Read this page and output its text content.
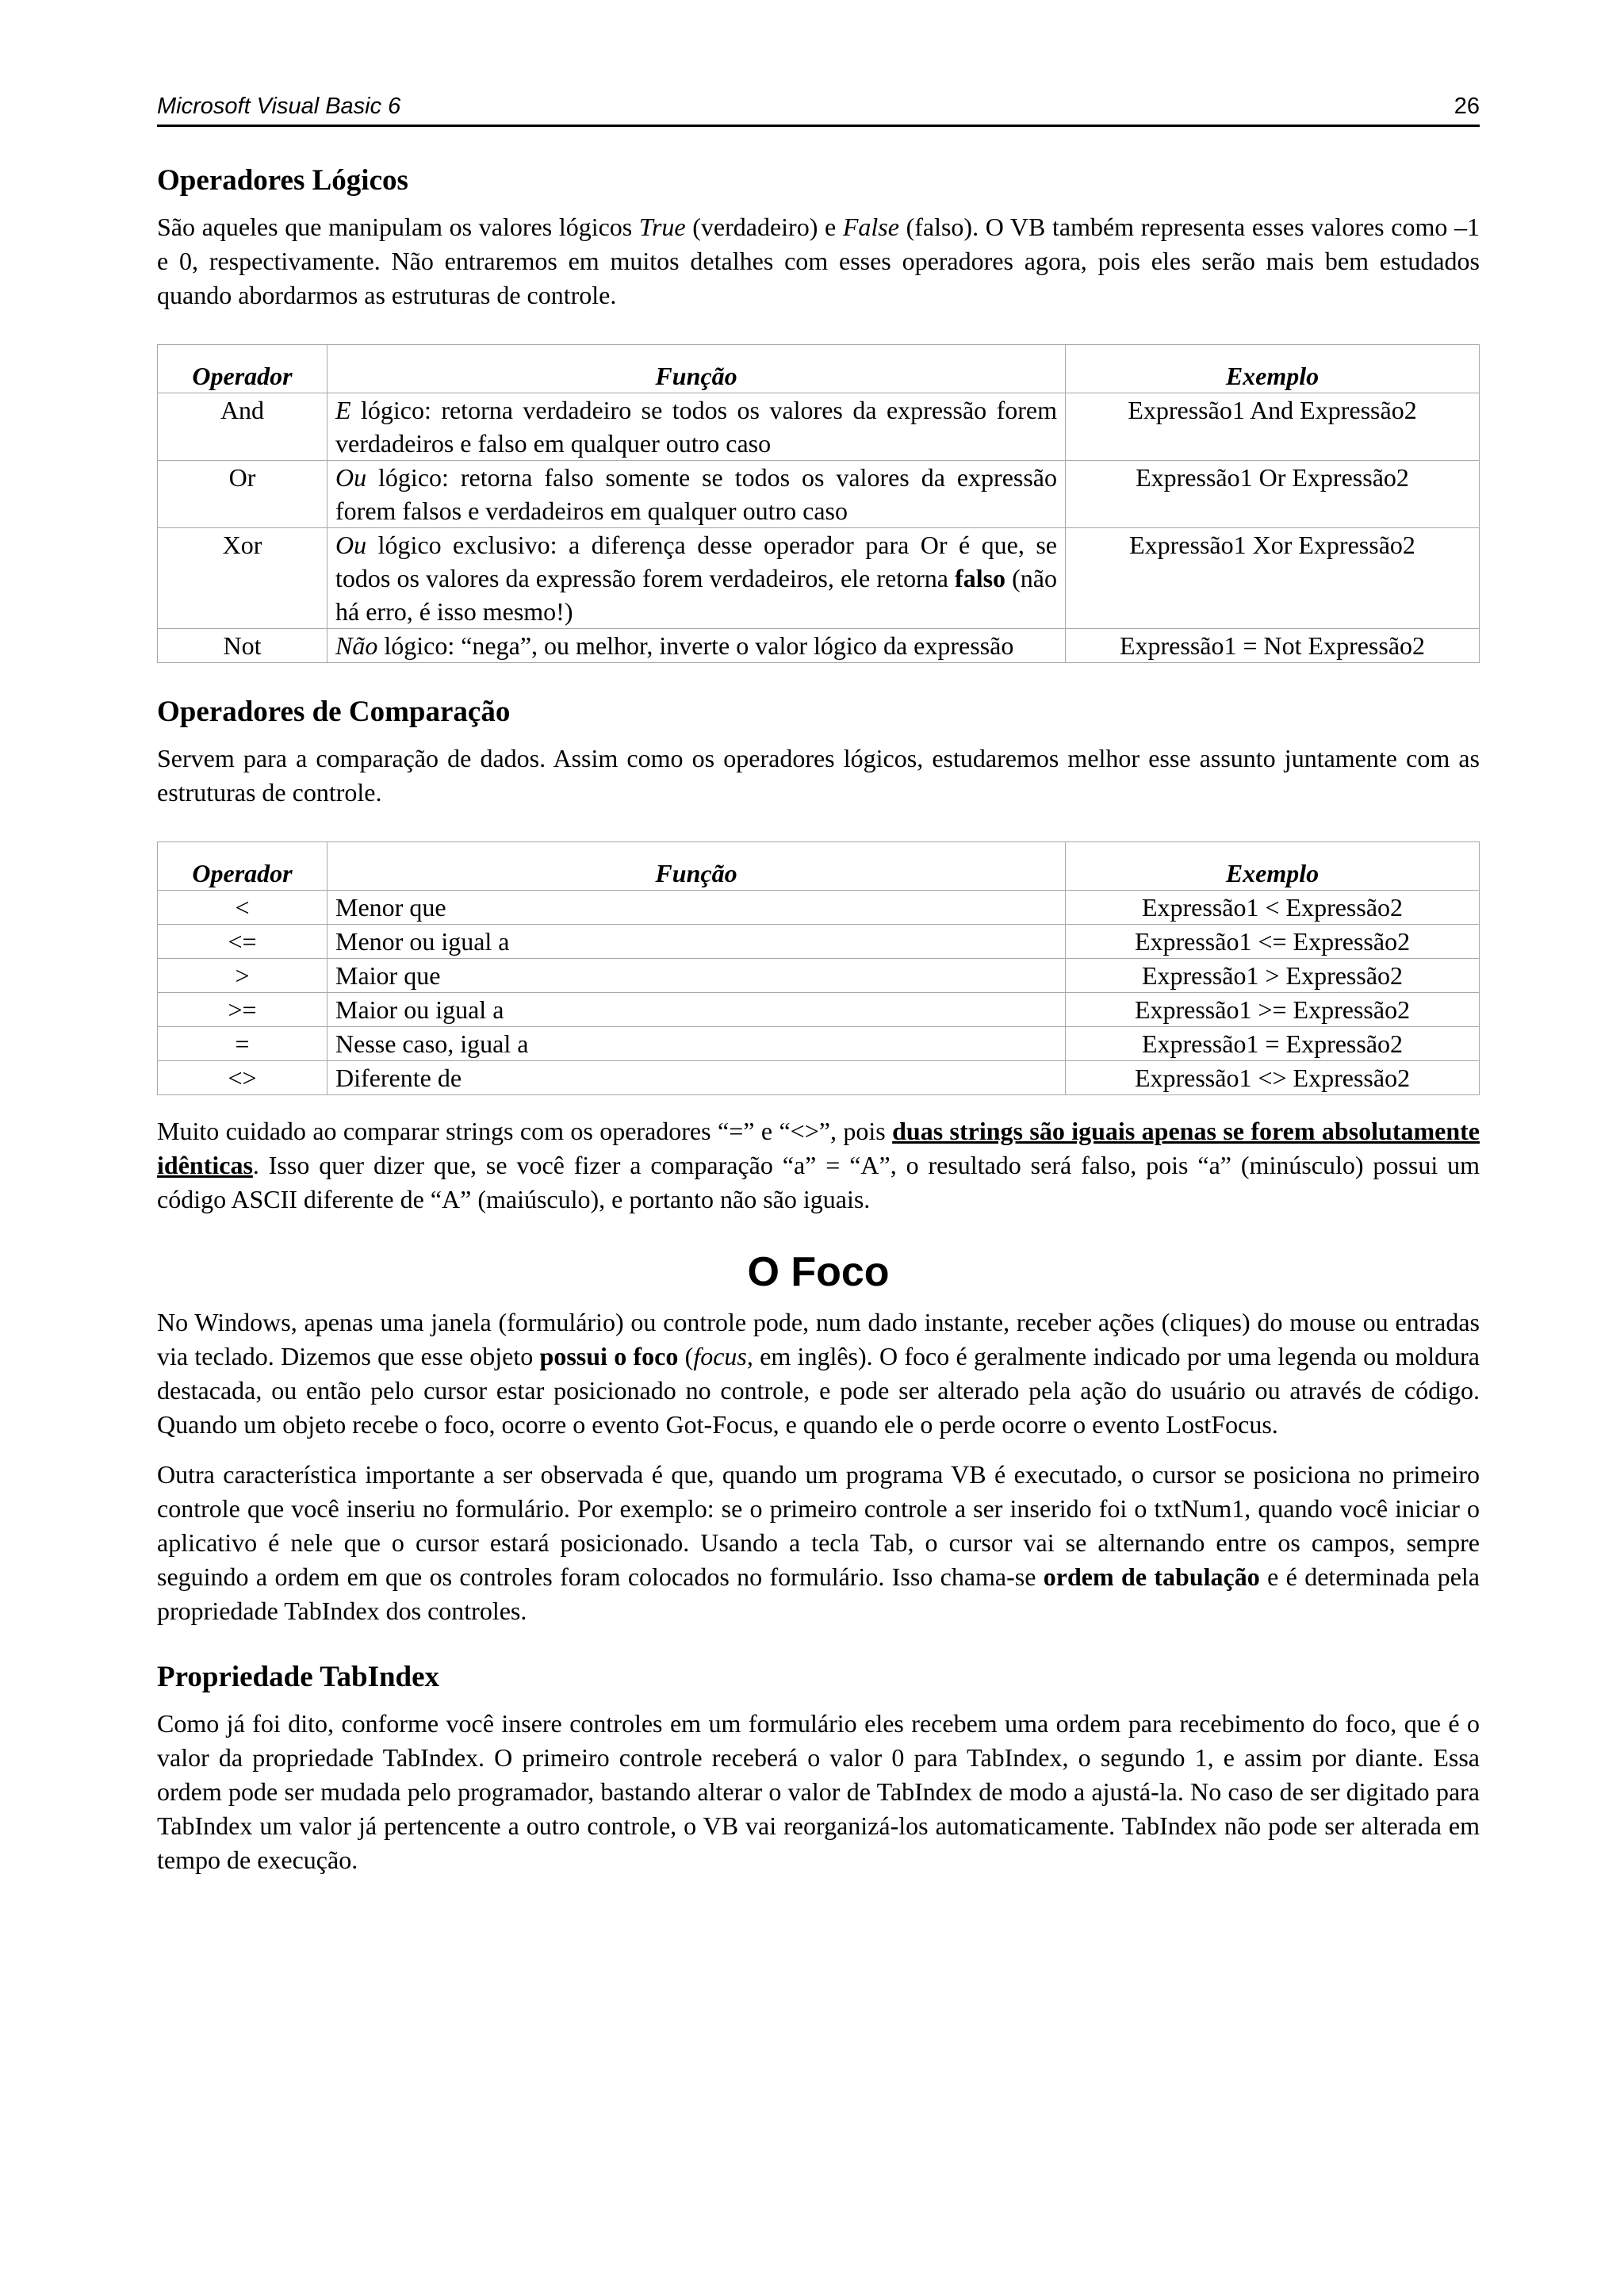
Microsoft Visual Basic 6	26
Operadores Lógicos

São aqueles que manipulam os valores lógicos True (verdadeiro) e False (falso). O VB também representa esses valores como –1 e 0, respectivamente. Não entraremos em muitos detalhes com esses operadores agora, pois eles serão mais bem estudados quando abordarmos as estruturas de controle.

Operador	Função	Exemplo
And	E lógico: retorna verdadeiro se todos os valores da expressão forem verdadeiros e falso em qualquer outro caso	Expressão1 And Expressão2
Or	Ou lógico: retorna falso somente se todos os valores da expressão forem falsos e verdadeiros em qualquer outro caso	Expressão1 Or Expressão2
Xor	Ou lógico exclusivo: a diferença desse operador para Or é que, se todos os valores da expressão forem verdadeiros, ele retorna falso (não há erro, é isso mesmo!)	Expressão1 Xor Expressão2
Not	Não lógico: “nega”, ou melhor, inverte o valor lógico da expressão	Expressão1 = Not Expressão2
Operadores de Comparação

Servem para a comparação de dados. Assim como os operadores lógicos, estudaremos melhor esse assunto juntamente com as estruturas de controle.

Operador	Função	Exemplo
<	Menor que	Expressão1 < Expressão2
<=	Menor ou igual a	Expressão1 <= Expressão2
>	Maior que	Expressão1 > Expressão2
>=	Maior ou igual a	Expressão1 >= Expressão2
=	Nesse caso, igual a	Expressão1 = Expressão2
<>	Diferente de	Expressão1 <> Expressão2

Muito cuidado ao comparar strings com os operadores “=” e “<>”, pois duas strings são iguais apenas se forem absolutamente idênticas. Isso quer dizer que, se você fizer a comparação “a” = “A”, o resultado será falso, pois “a” (minúsculo) possui um código ASCII diferente de “A” (maiúsculo), e portanto não são iguais.

O Foco

No Windows, apenas uma janela (formulário) ou controle pode, num dado instante, receber ações (cliques) do mouse ou entradas via teclado. Dizemos que esse objeto possui o foco (focus, em inglês). O foco é geralmente indicado por uma legenda ou moldura destacada, ou então pelo cursor estar posicionado no controle, e pode ser alterado pela ação do usuário ou através de código. Quando um objeto recebe o foco, ocorre o evento Got-Focus, e quando ele o perde ocorre o evento LostFocus.

Outra característica importante a ser observada é que, quando um programa VB é executado, o cursor se posiciona no primeiro controle que você inseriu no formulário. Por exemplo: se o primeiro controle a ser inserido foi o txtNum1, quando você iniciar o aplicativo é nele que o cursor estará posicionado. Usando a tecla Tab, o cursor vai se alternando entre os campos, sempre seguindo a ordem em que os controles foram colocados no formulário. Isso chama-se ordem de tabulação e é determinada pela propriedade TabIndex dos controles.

Propriedade TabIndex

Como já foi dito, conforme você insere controles em um formulário eles recebem uma ordem para recebimento do foco, que é o valor da propriedade TabIndex. O primeiro controle receberá o valor 0 para TabIndex, o segundo 1, e assim por diante. Essa ordem pode ser mudada pelo programador, bastando alterar o valor de TabIndex de modo a ajustá-la. No caso de ser digitado para TabIndex um valor já pertencente a outro controle, o VB vai reorganizá-los automaticamente. TabIndex não pode ser alterada em tempo de execução.
